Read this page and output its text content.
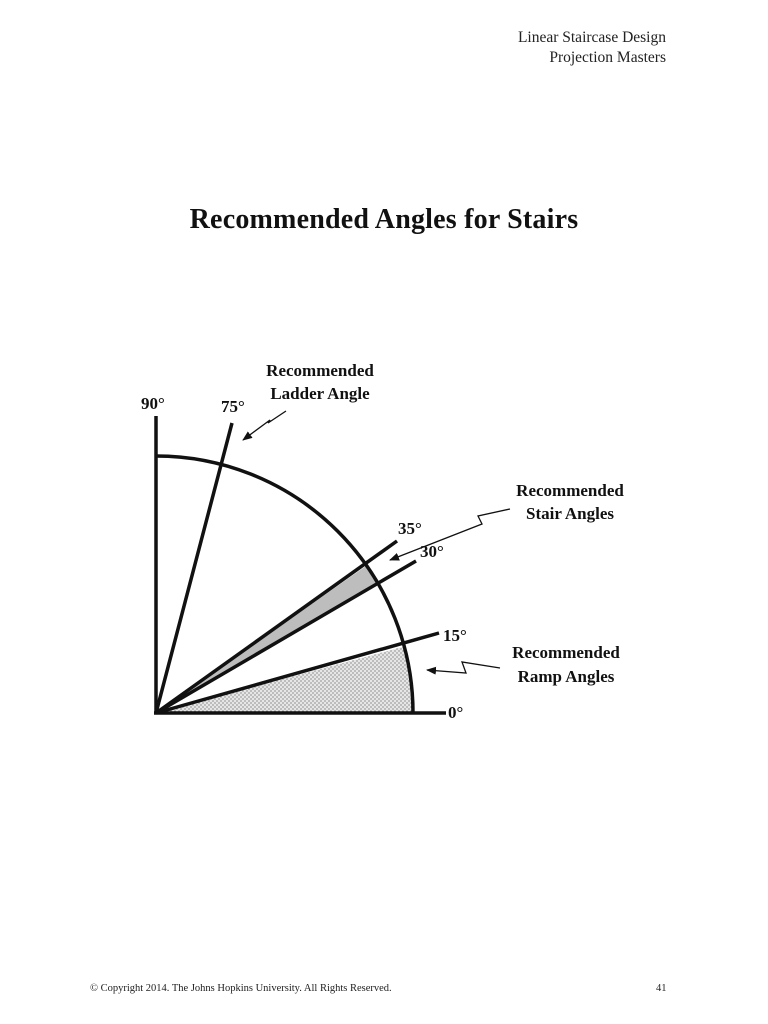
Linear Staircase Design
Projection Masters
Recommended Angles for Stairs
90°	75°
35°
30°
15°
0°
Recommended
Ladder Angle
Recommended
Stair Angles
Recommended
Ramp Angles
© Copyright 2014. The Johns Hopkins University. All Rights Reserved.	41
